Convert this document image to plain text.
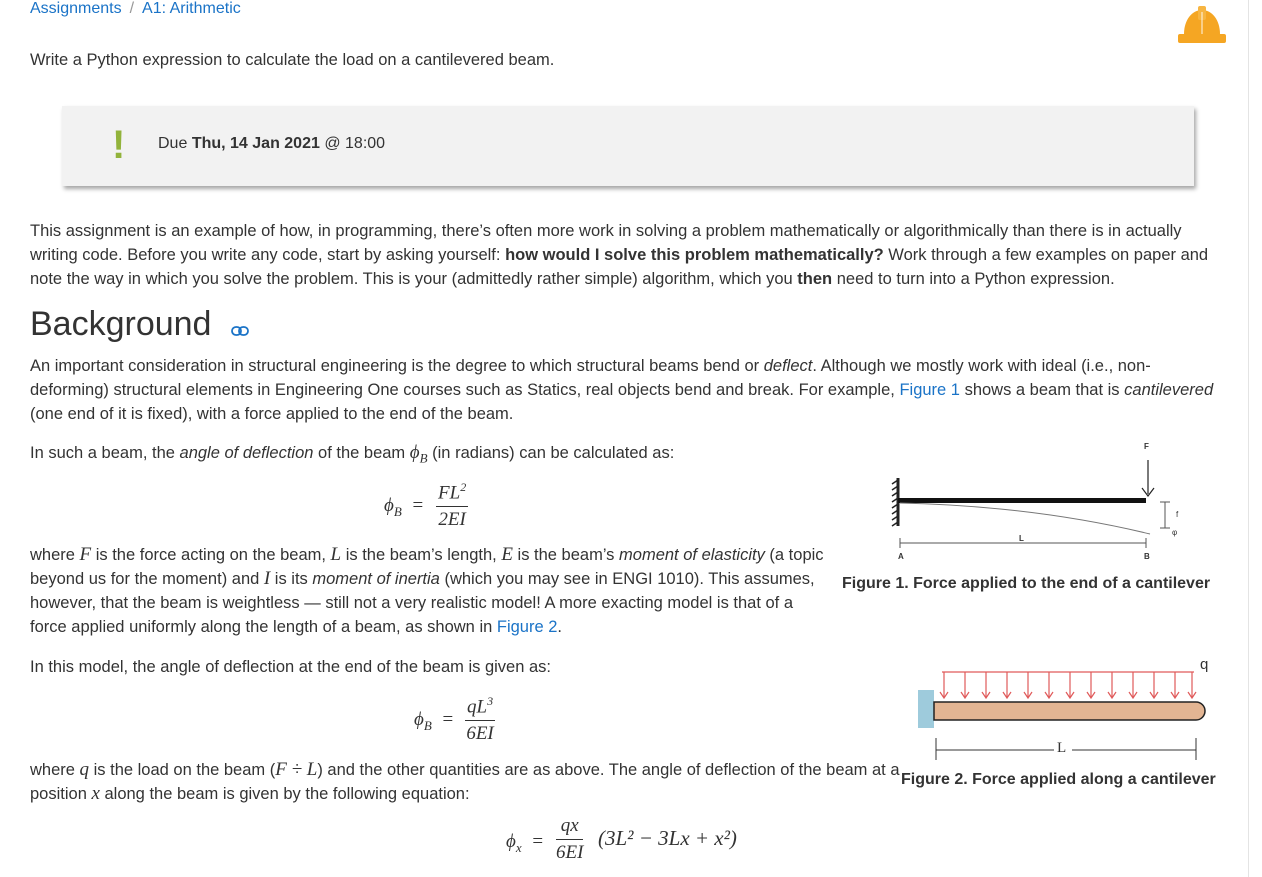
Assignments / A1: Arithmetic
Write a Python expression to calculate the load on a cantilevered beam.
! Due Thu, 14 Jan 2021 @ 18:00
This assignment is an example of how, in programming, there’s often more work in solving a problem mathematically or algorithmically than there is in actually writing code. Before you write any code, start by asking yourself: how would I solve this problem mathematically? Work through a few examples on paper and note the way in which you solve the problem. This is your (admittedly rather simple) algorithm, which you then need to turn into a Python expression.
Background
An important consideration in structural engineering is the degree to which structural beams bend or deflect. Although we mostly work with ideal (i.e., non-deforming) structural elements in Engineering One courses such as Statics, real objects bend and break. For example, Figure 1 shows a beam that is cantilevered (one end of it is fixed), with a force applied to the end of the beam.
In such a beam, the angle of deflection of the beam $\phi_B$ (in radians) can be calculated as:
$\phi_B = \frac{FL^2}{2EI}$
where F is the force acting on the beam, L is the beam’s length, E is the beam’s moment of elasticity (a topic beyond us for the moment) and I is its moment of inertia (which you may see in ENGI 1010). This assumes, however, that the beam is weightless — still not a very realistic model! A more exacting model is that of a force applied uniformly along the length of a beam, as shown in Figure 2.
In this model, the angle of deflection at the end of the beam is given as:
$\phi_B = \frac{qL^3}{6EI}$
where q is the load on the beam (F ÷ L) and the other quantities are as above. The angle of deflection of the beam at a position x along the beam is given by the following equation:
$\phi_x = \frac{qx}{6EI} (3L^2 - 3Lx + x^2)$
F
f
φ
L
A	B
Figure 1. Force applied to the end of a cantilever
q
L
Figure 2. Force applied along a cantilever
